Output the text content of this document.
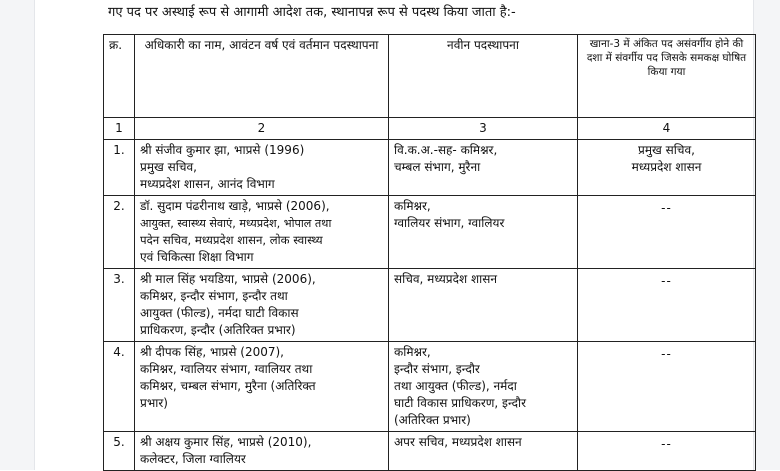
गए पद पर अस्थाई रूप से आगामी आदेश तक, स्थानापन्न रूप से पदस्थ किया जाता है:-
क्र.	अधिकारी का नाम, आवंटन वर्ष एवं वर्तमान पदस्थापना	नवीन पदस्थापना	खाना-3 में अंकित पद असंवर्गीय होने की दशा में संवर्गीय पद जिसके समकक्ष घोषित किया गया
1	2	3	4
1.	श्री संजीव कुमार झा, भाप्रसे (1996)
प्रमुख सचिव,
मध्यप्रदेश शासन, आनंद विभाग	वि.क.अ.-सह- कमिश्नर,
चम्बल संभाग, मुरैना	प्रमुख सचिव,
मध्यप्रदेश शासन

2.	डॉ. सुदाम पंढरीनाथ खाड़े, भाप्रसे (2006),
आयुक्त, स्वास्थ्य सेवाएं, मध्यप्रदेश, भोपाल तथा
पदेन सचिव, मध्यप्रदेश शासन, लोक स्वास्थ्य
एवं चिकित्सा शिक्षा विभाग	कमिश्नर,
ग्वालियर संभाग, ग्वालियर	--

3.	श्री माल सिंह भयडिया, भाप्रसे (2006),
कमिश्नर, इन्दौर संभाग, इन्दौर तथा
आयुक्त (फील्ड), नर्मदा घाटी विकास
प्राधिकरण, इन्दौर (अतिरिक्त प्रभार)	सचिव, मध्यप्रदेश शासन	--

4.	श्री दीपक सिंह, भाप्रसे (2007),
कमिश्नर, ग्वालियर संभाग, ग्वालियर तथा
कमिश्नर, चम्बल संभाग, मुरैना (अतिरिक्त
प्रभार)	कमिश्नर,
इन्दौर संभाग, इन्दौर
तथा आयुक्त (फील्ड), नर्मदा
घाटी विकास प्राधिकरण, इन्दौर
(अतिरिक्त प्रभार)	--

5.	श्री अक्षय कुमार सिंह, भाप्रसे (2010),
कलेक्टर, जिला ग्वालियर	अपर सचिव, मध्यप्रदेश शासन	--
